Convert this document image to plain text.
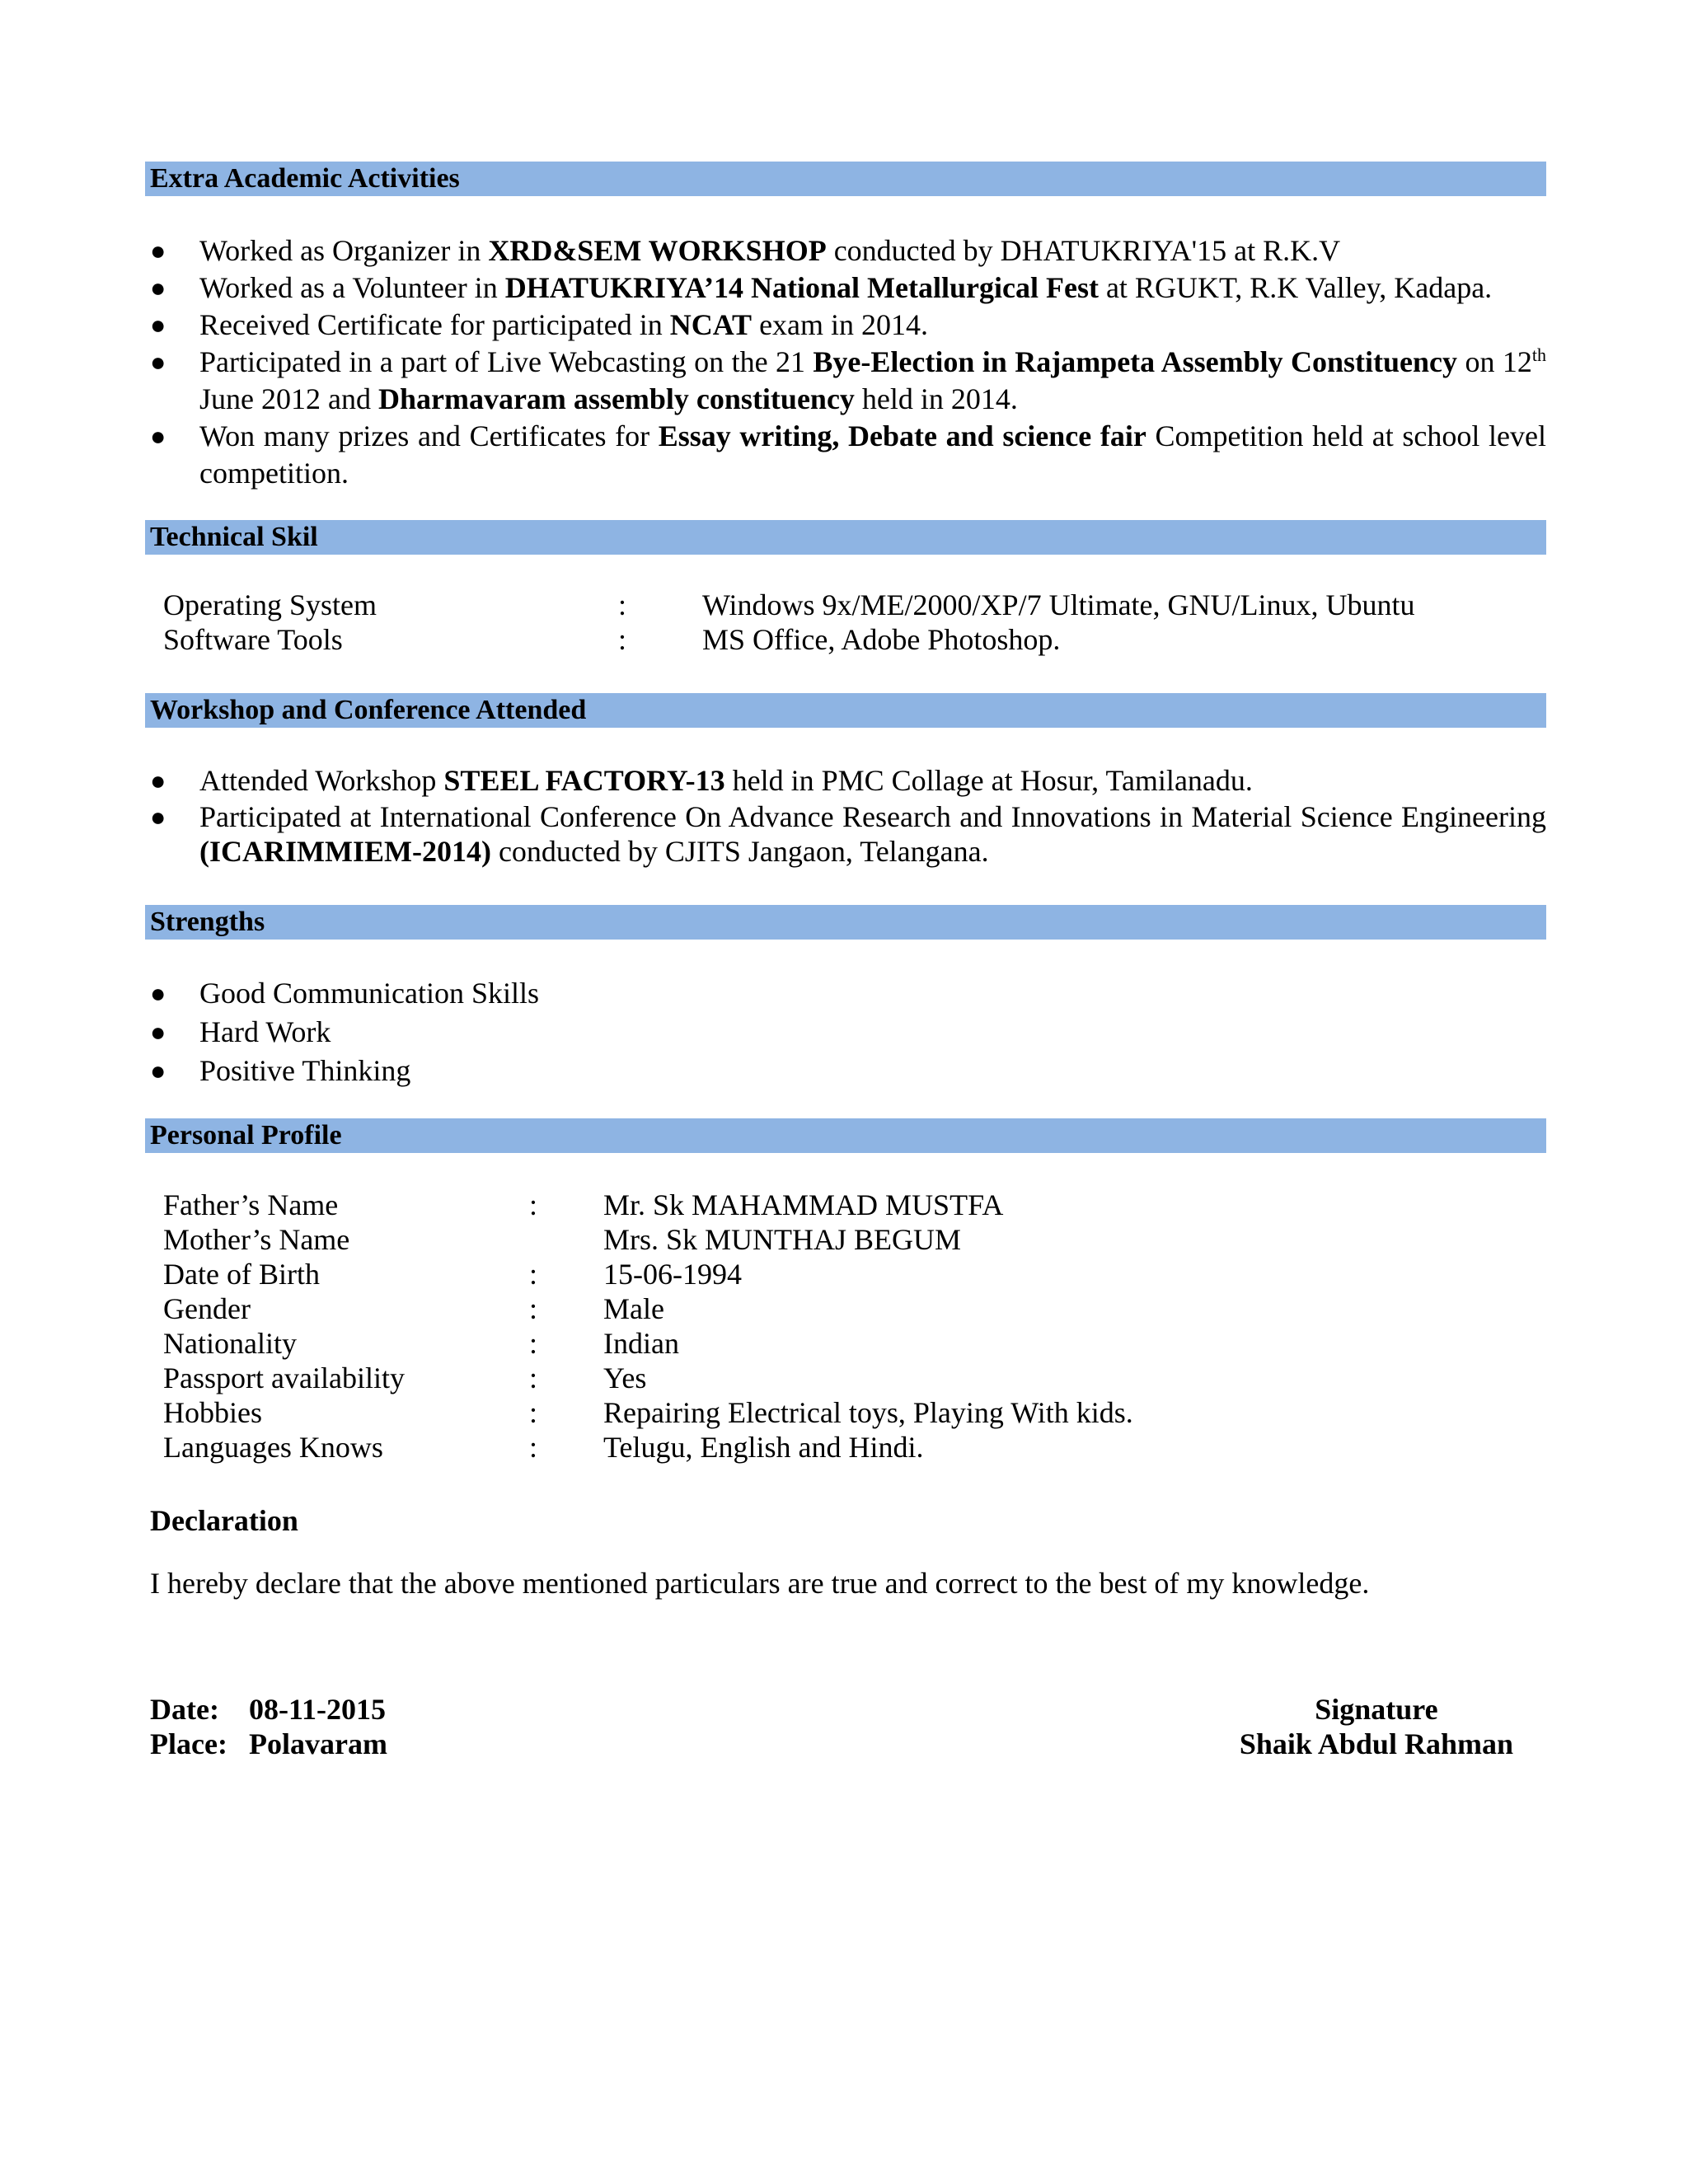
Extra Academic Activities
● Worked as Organizer in XRD&SEM WORKSHOP conducted by DHATUKRIYA'15 at R.K.V
● Worked as a Volunteer in DHATUKRIYA’14 National Metallurgical Fest at RGUKT, R.K Valley, Kadapa.
● Received Certificate for participated in NCAT exam in 2014.
● Participated in a part of Live Webcasting on the 21 Bye-Election in Rajampeta Assembly Constituency on 12th June 2012 and Dharmavaram assembly constituency held in 2014.
● Won many prizes and Certificates for Essay writing, Debate and science fair Competition held at school level competition.
Technical Skil
Operating System	:	Windows 9x/ME/2000/XP/7 Ultimate, GNU/Linux, Ubuntu
Software Tools	:	MS Office, Adobe Photoshop.
Workshop and Conference Attended
● Attended Workshop STEEL FACTORY-13 held in PMC Collage at Hosur, Tamilanadu.
● Participated at International Conference On Advance Research and Innovations in Material Science Engineering (ICARIMMIEM-2014) conducted by CJITS Jangaon, Telangana.
Strengths
● Good Communication Skills
● Hard Work
● Positive Thinking
Personal Profile
Father’s Name	:	Mr. Sk MAHAMMAD MUSTFA
Mother’s Name	Mrs. Sk MUNTHAJ BEGUM
Date of Birth	:	15-06-1994
Gender	:	Male
Nationality	:	Indian
Passport availability	:	Yes
Hobbies	:	Repairing Electrical toys, Playing With kids.
Languages Knows	:	Telugu, English and Hindi.
Declaration
I hereby declare that the above mentioned particulars are true and correct to the best of my knowledge.
Date: 08-11-2015
Place: Polavaram
Signature
Shaik Abdul Rahman
